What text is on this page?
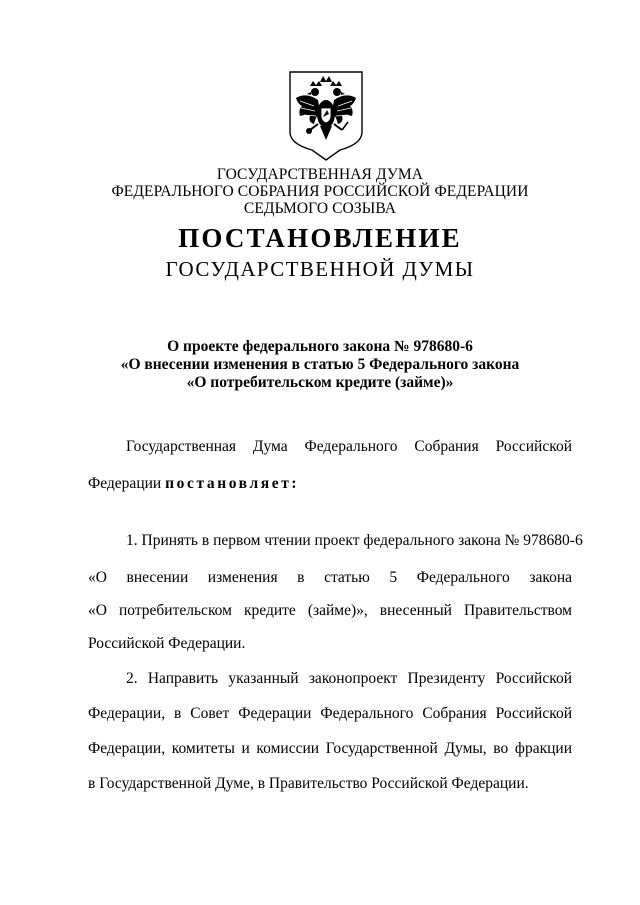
ГОСУДАРСТВЕННАЯ ДУМА
ФЕДЕРАЛЬНОГО СОБРАНИЯ РОССИЙСКОЙ ФЕДЕРАЦИИ
СЕДЬМОГО СОЗЫВА
ПОСТАНОВЛЕНИЕ
ГОСУДАРСТВЕННОЙ ДУМЫ
О проекте федерального закона № 978680-6
«О внесении изменения в статью 5 Федерального закона
«О потребительском кредите (займе)»
Государственная Дума Федерального Собрания Российской
Федерации постановляет:
1. Принять в первом чтении проект федерального закона № 978680-6
«О внесении изменения в статью 5 Федерального закона
«О потребительском кредите (займе)», внесенный Правительством
Российской Федерации.
2. Направить указанный законопроект Президенту Российской
Федерации, в Совет Федерации Федерального Собрания Российской
Федерации, комитеты и комиссии Государственной Думы, во фракции
в Государственной Думе, в Правительство Российской Федерации.
